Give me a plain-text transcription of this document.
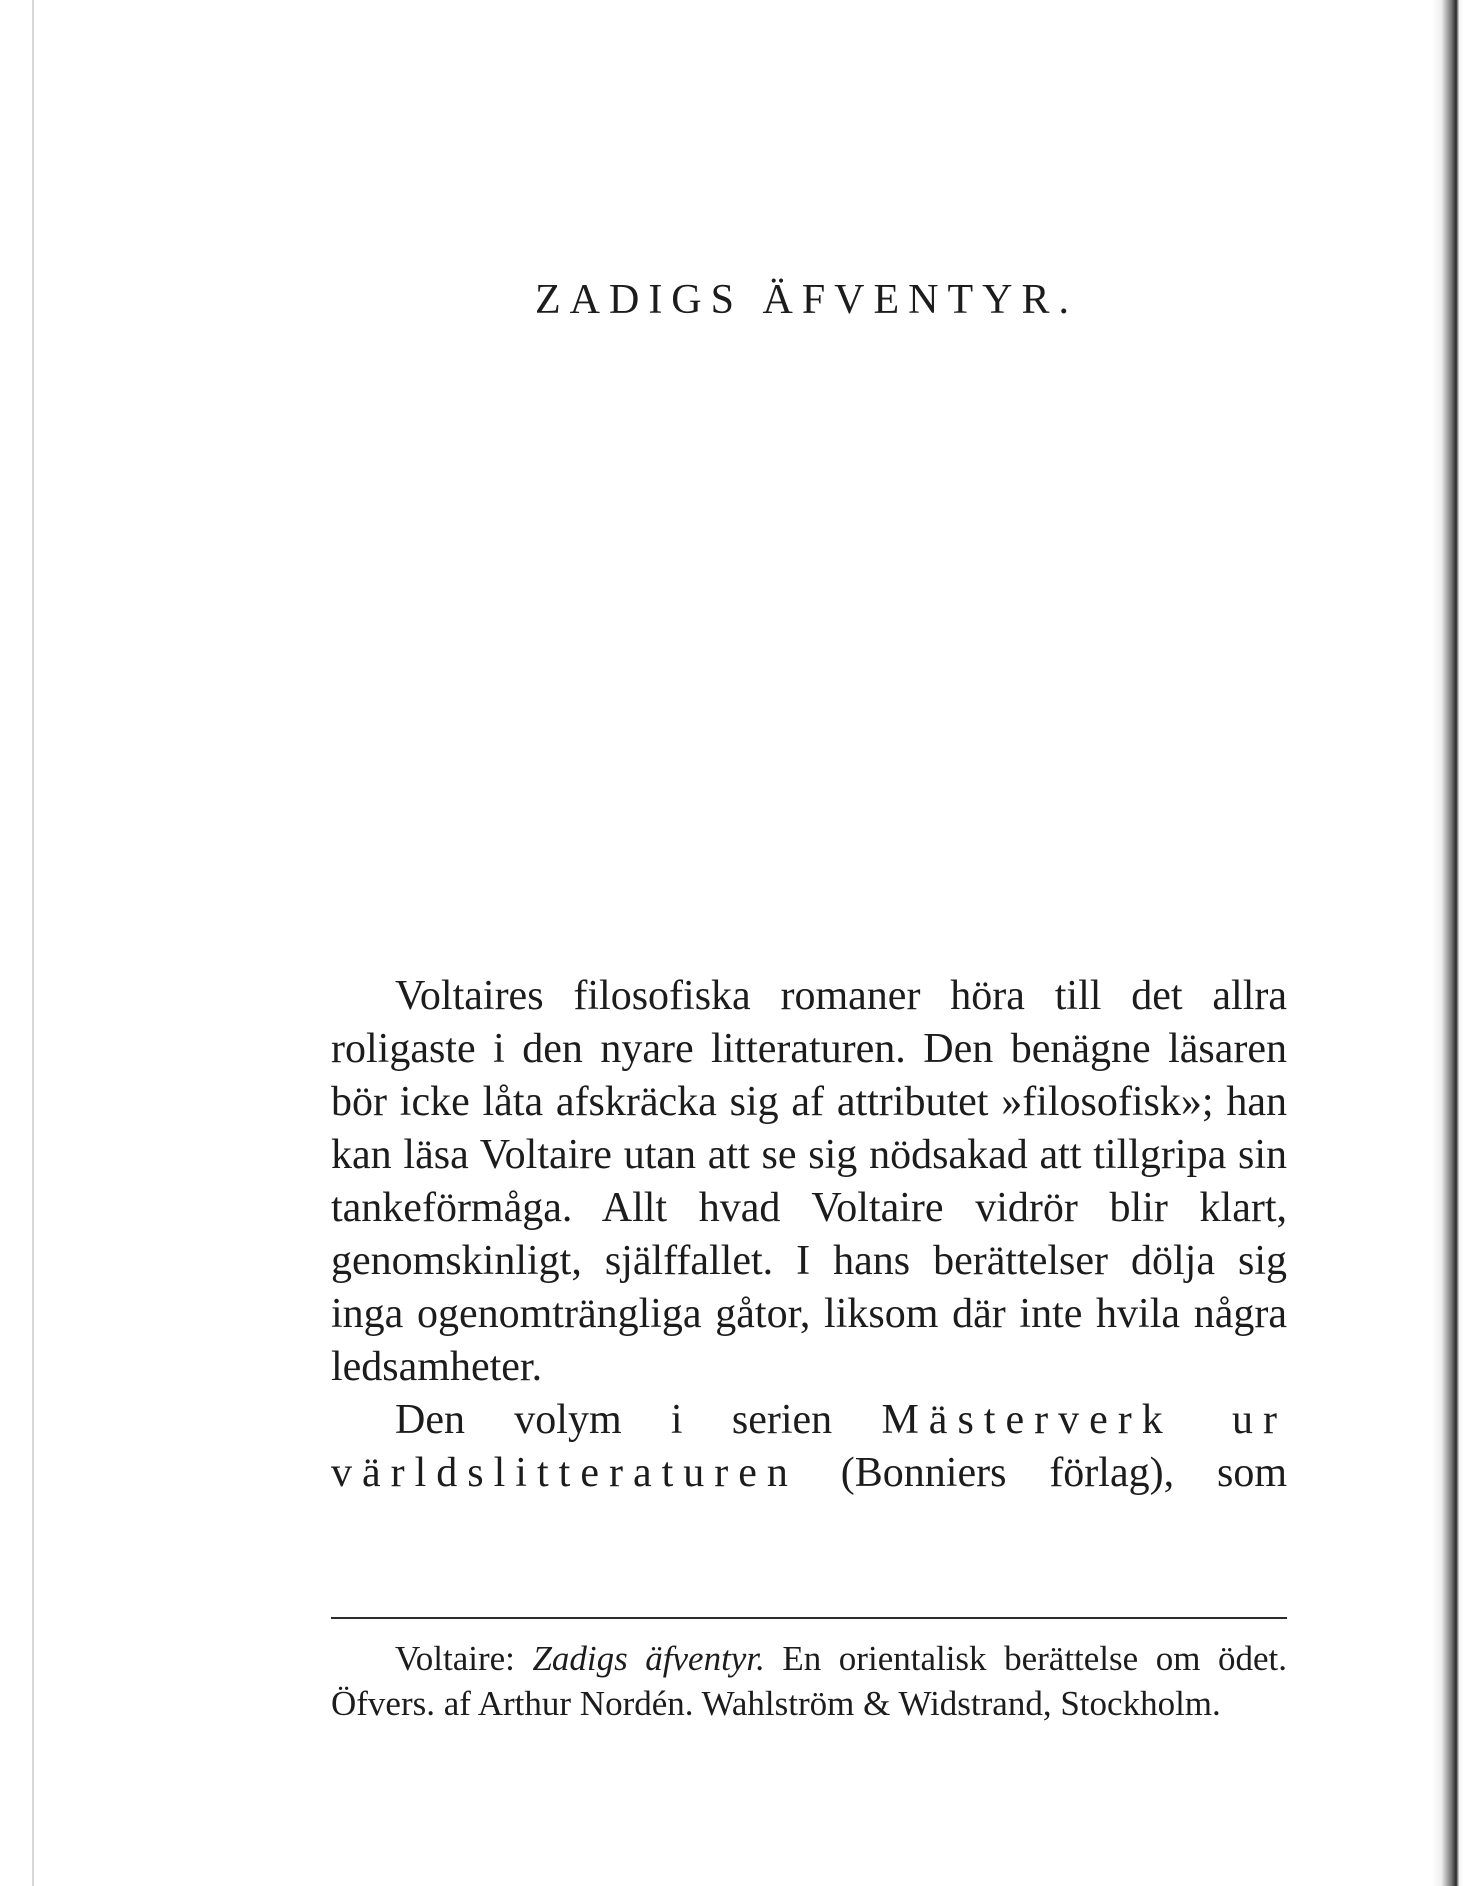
ZADIGS ÄFVENTYR.

Voltaires filosofiska romaner höra till det allra roligaste i den nyare litteraturen. Den benägne läsaren bör icke låta afskräcka sig af attributet »filosofisk»; han kan läsa Voltaire utan att se sig nödsakad att tillgripa sin tankeförmåga. Allt hvad Voltaire vidrör blir klart, genomskinligt, själffallet. I hans berättelser dölja sig inga ogenomträngliga gåtor, liksom där inte hvila några ledsamheter.

Den volym i serien Mästerverk ur världslitteraturen (Bonniers förlag), som

Voltaire: Zadigs äfventyr. En orientalisk berättelse om ödet. Öfvers. af Arthur Nordén. Wahlström & Widstrand, Stockholm.
